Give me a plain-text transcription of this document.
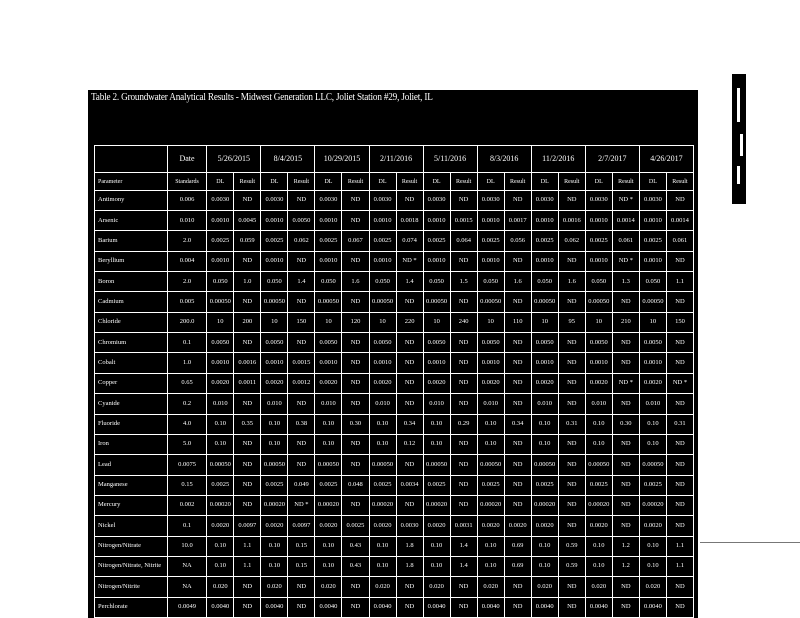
Table 2. Groundwater Analytical Results - Midwest Generation LLC, Joliet Station #29, Joliet, IL
	Date	5/26/2015		8/4/2015		10/29/2015		2/11/2016		5/11/2016		8/3/2016		11/2/2016		2/7/2017		4/26/2017	
Parameter	Standards	DL	Result	DL	Result	DL	Result	DL	Result	DL	Result	DL	Result	DL	Result	DL	Result	DL	Result
Antimony	0.006	0.0030	ND	0.0030	ND	0.0030	ND	0.0030	ND	0.0030	ND	0.0030	ND	0.0030	ND	0.0030	ND *	0.0030	ND
Arsenic	0.010	0.0010	0.0045	0.0010	0.0050	0.0010	ND	0.0010	0.0018	0.0010	0.0015	0.0010	0.0017	0.0010	0.0016	0.0010	0.0014	0.0010	0.0014
Barium	2.0	0.0025	0.059	0.0025	0.062	0.0025	0.067	0.0025	0.074	0.0025	0.064	0.0025	0.056	0.0025	0.062	0.0025	0.061	0.0025	0.061
Beryllium	0.004	0.0010	ND	0.0010	ND	0.0010	ND	0.0010	ND *	0.0010	ND	0.0010	ND	0.0010	ND	0.0010	ND *	0.0010	ND
Boron	2.0	0.050	1.0	0.050	1.4	0.050	1.6	0.050	1.4	0.050	1.5	0.050	1.6	0.050	1.6	0.050	1.3	0.050	1.1
Cadmium	0.005	0.00050	ND	0.00050	ND	0.00050	ND	0.00050	ND	0.00050	ND	0.00050	ND	0.00050	ND	0.00050	ND	0.00050	ND
Chloride	200.0	10	200	10	150	10	120	10	220	10	240	10	110	10	95	10	210	10	150
Chromium	0.1	0.0050	ND	0.0050	ND	0.0050	ND	0.0050	ND	0.0050	ND	0.0050	ND	0.0050	ND	0.0050	ND	0.0050	ND
Cobalt	1.0	0.0010	0.0016	0.0010	0.0015	0.0010	ND	0.0010	ND	0.0010	ND	0.0010	ND	0.0010	ND	0.0010	ND	0.0010	ND
Copper	0.65	0.0020	0.0011	0.0020	0.0012	0.0020	ND	0.0020	ND	0.0020	ND	0.0020	ND	0.0020	ND	0.0020	ND *	0.0020	ND *
Cyanide	0.2	0.010	ND	0.010	ND	0.010	ND	0.010	ND	0.010	ND	0.010	ND	0.010	ND	0.010	ND	0.010	ND
Fluoride	4.0	0.10	0.35	0.10	0.38	0.10	0.30	0.10	0.34	0.10	0.29	0.10	0.34	0.10	0.31	0.10	0.30	0.10	0.31
Iron	5.0	0.10	ND	0.10	ND	0.10	ND	0.10	0.12	0.10	ND	0.10	ND	0.10	ND	0.10	ND	0.10	ND
Lead	0.0075	0.00050	ND	0.00050	ND	0.00050	ND	0.00050	ND	0.00050	ND	0.00050	ND	0.00050	ND	0.00050	ND	0.00050	ND
Manganese	0.15	0.0025	ND	0.0025	0.049	0.0025	0.048	0.0025	0.0034	0.0025	ND	0.0025	ND	0.0025	ND	0.0025	ND	0.0025	ND
Mercury	0.002	0.00020	ND	0.00020	ND *	0.00020	ND	0.00020	ND	0.00020	ND	0.00020	ND	0.00020	ND	0.00020	ND	0.00020	ND
Nickel	0.1	0.0020	0.0097	0.0020	0.0097	0.0020	0.0025	0.0020	0.0030	0.0020	0.0031	0.0020	0.0020	0.0020	ND	0.0020	ND	0.0020	ND
Nitrogen/Nitrate	10.0	0.10	1.1	0.10	0.15	0.10	0.43	0.10	1.8	0.10	1.4	0.10	0.69	0.10	0.59	0.10	1.2	0.10	1.1
Nitrogen/Nitrate, Nitrite	NA	0.10	1.1	0.10	0.15	0.10	0.43	0.10	1.8	0.10	1.4	0.10	0.69	0.10	0.59	0.10	1.2	0.10	1.1
Nitrogen/Nitrite	NA	0.020	ND	0.020	ND	0.020	ND	0.020	ND	0.020	ND	0.020	ND	0.020	ND	0.020	ND	0.020	ND
Perchlorate	0.0049	0.0040	ND	0.0040	ND	0.0040	ND	0.0040	ND	0.0040	ND	0.0040	ND	0.0040	ND	0.0040	ND	0.0040	ND
